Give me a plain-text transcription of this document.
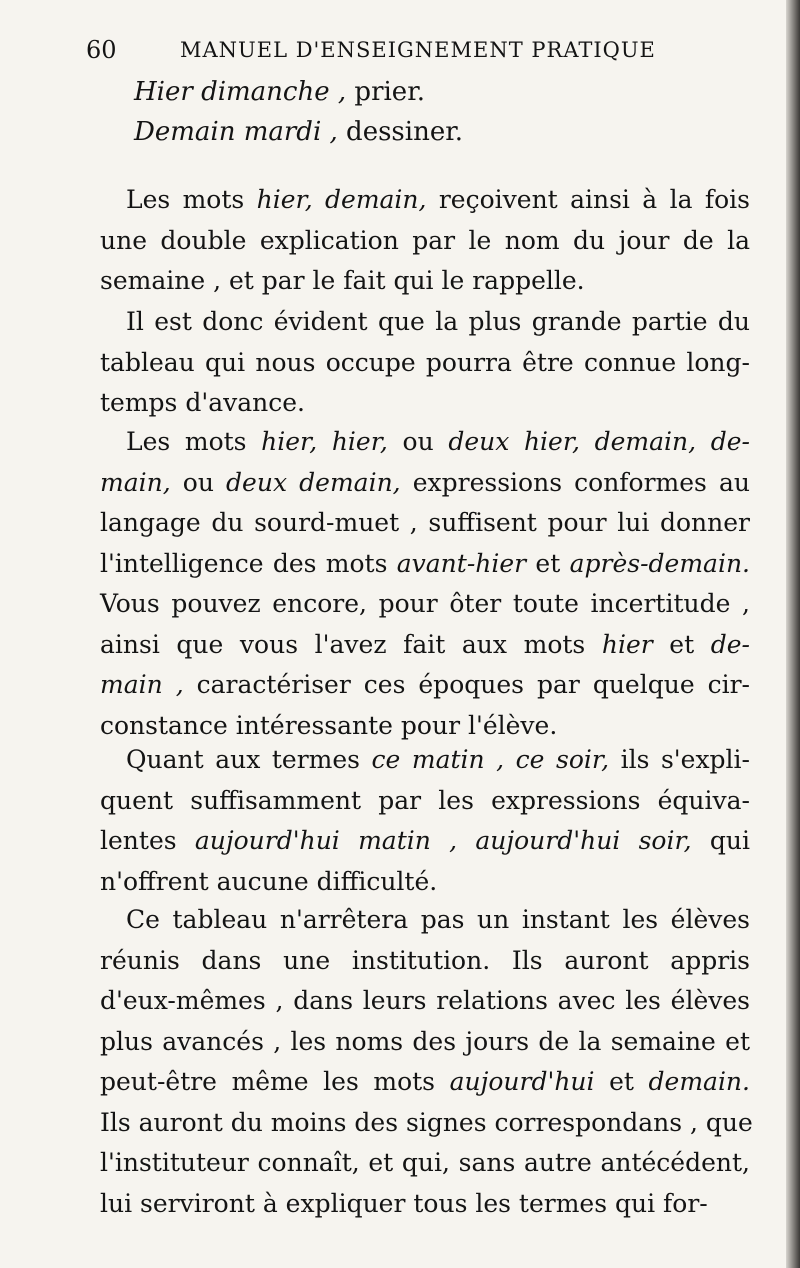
60	MANUEL D'ENSEIGNEMENT PRATIQUE
Hier dimanche , prier.
Demain mardi , dessiner.
Les mots hier, demain, reçoivent ainsi à la fois
une double explication par le nom du jour de la
semaine , et par le fait qui le rappelle.
Il est donc évident que la plus grande partie du
tableau qui nous occupe pourra être connue long-
temps d'avance.
Les mots hier, hier, ou deux hier, demain, de-
main, ou deux demain, expressions conformes au
langage du sourd-muet , suffisent pour lui donner
l'intelligence des mots avant-hier et après-demain.
Vous pouvez encore, pour ôter toute incertitude ,
ainsi que vous l'avez fait aux mots hier et de-
main , caractériser ces époques par quelque cir-
constance intéressante pour l'élève.
Quant aux termes ce matin , ce soir, ils s'expli-
quent suffisamment par les expressions équiva-
lentes aujourd'hui matin , aujourd'hui soir, qui
n'offrent aucune difficulté.
Ce tableau n'arrêtera pas un instant les élèves
réunis dans une institution. Ils auront appris
d'eux-mêmes , dans leurs relations avec les élèves
plus avancés , les noms des jours de la semaine et
peut-être même les mots aujourd'hui et demain.
Ils auront du moins des signes correspondans , que
l'instituteur connaît, et qui, sans autre antécédent,
lui serviront à expliquer tous les termes qui for-
